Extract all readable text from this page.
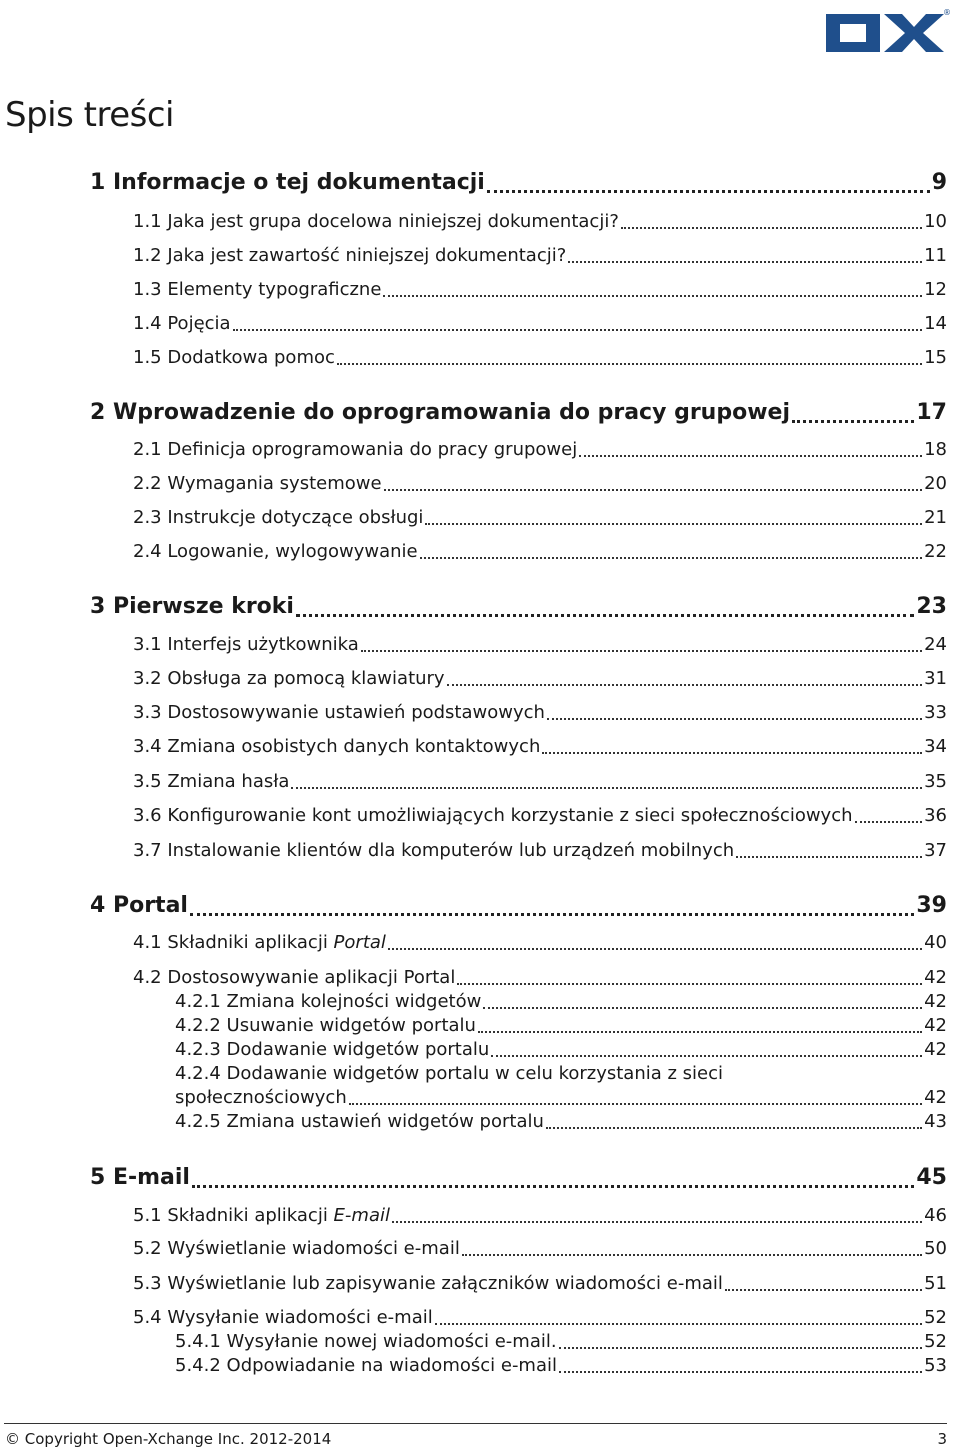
®
Spis treści
1 Informacje o tej dokumentacji	9
1.1 Jaka jest grupa docelowa niniejszej dokumentacji?	10
1.2 Jaka jest zawartość niniejszej dokumentacji?	11
1.3 Elementy typograficzne	12
1.4 Pojęcia	14
1.5 Dodatkowa pomoc	15
2 Wprowadzenie do oprogramowania do pracy grupowej	17
2.1 Definicja oprogramowania do pracy grupowej	18
2.2 Wymagania systemowe	20
2.3 Instrukcje dotyczące obsługi	21
2.4 Logowanie, wylogowywanie	22
3 Pierwsze kroki	23
3.1 Interfejs użytkownika	24
3.2 Obsługa za pomocą klawiatury	31
3.3 Dostosowywanie ustawień podstawowych	33
3.4 Zmiana osobistych danych kontaktowych	34
3.5 Zmiana hasła	35
3.6 Konfigurowanie kont umożliwiających korzystanie z sieci społecznościowych	36
3.7 Instalowanie klientów dla komputerów lub urządzeń mobilnych	37
4 Portal	39
4.1 Składniki aplikacji Portal	40
4.2 Dostosowywanie aplikacji Portal	42
4.2.1 Zmiana kolejności widgetów	42
4.2.2 Usuwanie widgetów portalu	42
4.2.3 Dodawanie widgetów portalu	42
4.2.4 Dodawanie widgetów portalu w celu korzystania z sieci
społecznościowych	42
4.2.5 Zmiana ustawień widgetów portalu	43
5 E-mail	45
5.1 Składniki aplikacji E-mail	46
5.2 Wyświetlanie wiadomości e-mail	50
5.3 Wyświetlanie lub zapisywanie załączników wiadomości e-mail	51
5.4 Wysyłanie wiadomości e-mail	52
5.4.1 Wysyłanie nowej wiadomości e-mail.	52
5.4.2 Odpowiadanie na wiadomości e-mail	53
© Copyright Open-Xchange Inc. 2012-2014	3
